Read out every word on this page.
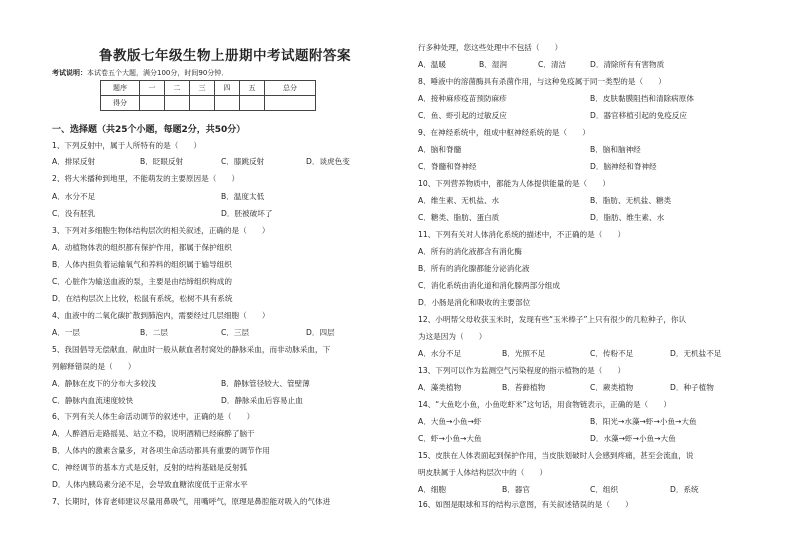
鲁教版七年级生物上册期中考试题附答案
考试说明：本试卷五个大题，满分100分，时间90分钟．
题序	一	二	三	四	五	总分
得分						
一、选择题（共25个小题，每题2分，共50分）
1、下列反射中，属于人所特有的是（　　）
A．排尿反射	B．眨眼反射	C．膝跳反射	D．谈虎色变
2、将大米播种到地里，不能萌发的主要原因是（　　）
A．水分不足	B．温度太低
C．没有胚乳	D．胚被破坏了
3、下列对多细胞生物体结构层次的相关叙述，正确的是（　　）
A．动植物体表的组织都有保护作用，都属于保护组织
B．人体内担负着运输氧气和养料的组织属于输导组织
C．心脏作为输送血液的泵，主要是由结缔组织构成的
D．在结构层次上比较，松鼠有系统，松树不具有系统
4、血液中的二氧化碳扩散到肺泡内，需要经过几层细胞（　　）
A．一层	B．二层	C．三层	D．四层
5、我国倡导无偿献血．献血时一般从献血者肘窝处的静脉采血，而非动脉采血，下
列解释错误的是（　　）
A．静脉在皮下的分布大多较浅	B．静脉管径较大、管壁薄
C．静脉内血流速度较快	D．静脉采血后容易止血
6、下列有关人体生命活动调节的叙述中，正确的是（　　）
A．人醉酒后走路摇晃、站立不稳，说明酒精已经麻醉了脑干
B．人体内的激素含量多，对各项生命活动都具有重要的调节作用
C．神经调节的基本方式是反射，反射的结构基础是反射弧
D．人体内胰岛素分泌不足，会导致血糖浓度低于正常水平
7、长期时，体育老师建议尽量用鼻吸气，用嘴呼气，原理是鼻腔能对吸入的气体进
行多种处理，您这些处理中不包括（　　）
A．温暖	B．湿润	C．清洁	D．清除所有有害物质
8、唾液中的溶菌酶具有杀菌作用，与这种免疫属于同一类型的是（　　）
A．接种麻疹疫苗预防麻疹	B．皮肤黏膜阻挡和清除病原体
C．鱼、虾引起的过敏反应	D．器官移植引起的免疫反应
9、在神经系统中，组成中枢神经系统的是（　　）
A．脑和脊髓	B．脑和脑神经
C．脊髓和脊神经	D．脑神经和脊神经
10、下列营养物质中，都能为人体提供能量的是（　　）
A．维生素、无机盐、水	B．脂肪、无机盐、糖类
C．糖类、脂肪、蛋白质	D．脂肪、维生素、水
11、下列有关对人体消化系统的描述中，不正确的是（　　）
A．所有的消化液都含有消化酶
B．所有的消化腺都能分泌消化液
C．消化系统由消化道和消化腺两部分组成
D．小肠是消化和吸收的主要部位
12、小明帮父母收获玉米时，发现有些“玉米棒子”上只有很少的几粒种子，你认
为这是因为（　　）
A．水分不足	B．光照不足	C．传粉不足	D．无机盐不足
13、下列可以作为监测空气污染程度的指示植物的是（　　）
A．藻类植物	B．苔藓植物	C．蕨类植物	D．种子植物
14、“大鱼吃小鱼，小鱼吃虾米”这句话，用食物链表示，正确的是（　　）
A．大鱼→小鱼→虾	B．阳光→水藻→虾→小鱼→大鱼
C．虾→小鱼→大鱼	D．水藻→虾→小鱼→大鱼
15、皮肤在人体表面起到保护作用，当皮肤划破时人会感到疼痛，甚至会流血，说
明皮肤属于人体结构层次中的（　　）
A．细胞	B．器官	C．组织	D．系统
16、如图是眼球和耳的结构示意图，有关叙述错误的是（　　）
